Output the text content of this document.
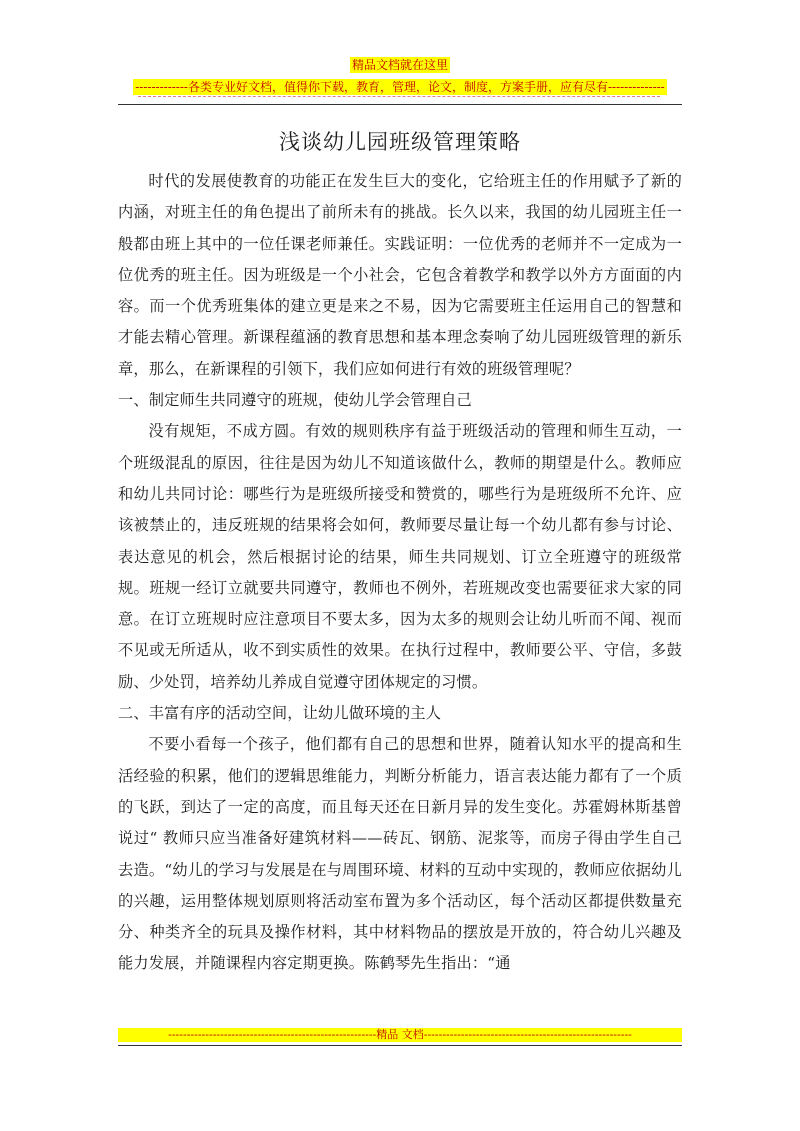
精品文档就在这里
-------------各类专业好文档，值得你下载，教育，管理，论文，制度，方案手册，应有尽有--------------
浅谈幼儿园班级管理策略

时代的发展使教育的功能正在发生巨大的变化，它给班主任的作用赋予了新的内涵，对班主任的角色提出了前所未有的挑战。长久以来，我国的幼儿园班主任一般都由班上其中的一位任课老师兼任。实践证明：一位优秀的老师并不一定成为一位优秀的班主任。因为班级是一个小社会，它包含着教学和教学以外方方面面的内容。而一个优秀班集体的建立更是来之不易，因为它需要班主任运用自己的智慧和才能去精心管理。新课程蕴涵的教育思想和基本理念奏响了幼儿园班级管理的新乐章，那么，在新课程的引领下，我们应如何进行有效的班级管理呢？

一、制定师生共同遵守的班规，使幼儿学会管理自己

没有规矩，不成方圆。有效的规则秩序有益于班级活动的管理和师生互动，一个班级混乱的原因，往往是因为幼儿不知道该做什么，教师的期望是什么。教师应和幼儿共同讨论：哪些行为是班级所接受和赞赏的，哪些行为是班级所不允许、应该被禁止的，违反班规的结果将会如何，教师要尽量让每一个幼儿都有参与讨论、表达意见的机会，然后根据讨论的结果，师生共同规划、订立全班遵守的班级常规。班规一经订立就要共同遵守，教师也不例外，若班规改变也需要征求大家的同意。在订立班规时应注意项目不要太多，因为太多的规则会让幼儿听而不闻、视而不见或无所适从，收不到实质性的效果。在执行过程中，教师要公平、守信，多鼓励、少处罚，培养幼儿养成自觉遵守团体规定的习惯。

二、丰富有序的活动空间，让幼儿做环境的主人

不要小看每一个孩子，他们都有自己的思想和世界，随着认知水平的提高和生活经验的积累，他们的逻辑思维能力，判断分析能力，语言表达能力都有了一个质的飞跃，到达了一定的高度，而且每天还在日新月异的发生变化。苏霍姆林斯基曾说过“ 教师只应当准备好建筑材料——砖瓦、钢筋、泥浆等，而房子得由学生自己去造。“幼儿的学习与发展是在与周围环境、材料的互动中实现的，教师应依据幼儿的兴趣，运用整体规划原则将活动室布置为多个活动区，每个活动区都提供数量充分、种类齐全的玩具及操作材料，其中材料物品的摆放是开放的，符合幼儿兴趣及能力发展，并随课程内容定期更换。陈鹤琴先生指出：“通

--------------------------------------------------------精品 文档--------------------------------------------------------
